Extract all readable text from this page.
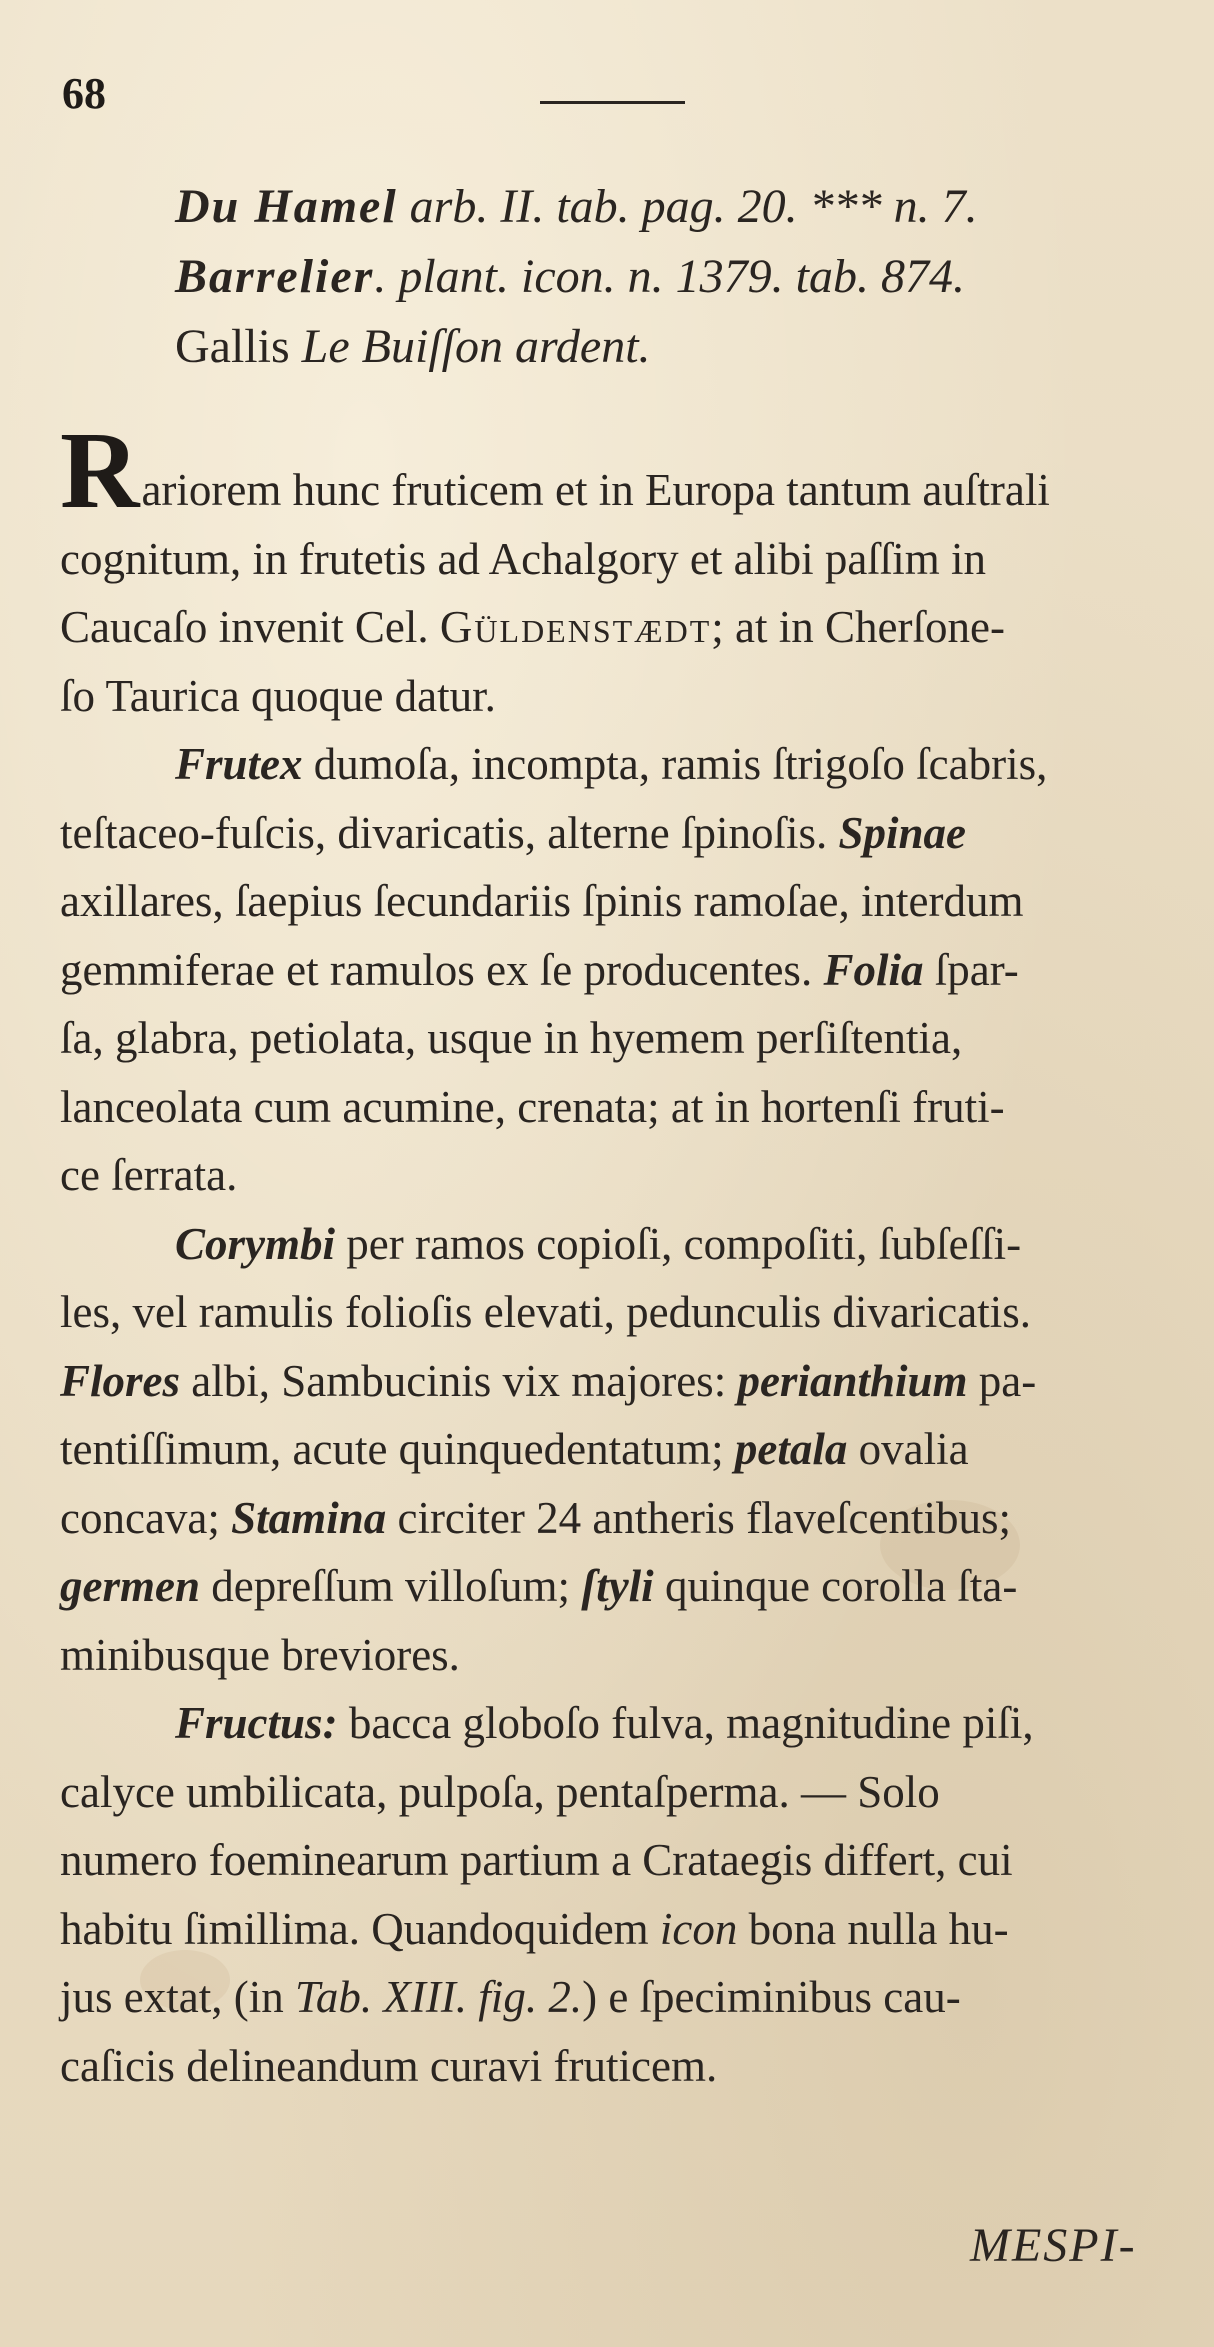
68
Du Hamel arb. II. tab. pag. 20. *** n. 7.
Barrelier. plant. icon. n. 1379. tab. 874.
Gallis Le Buiſſon ardent.
Rariorem hunc fruticem et in Europa tantum auſtrali
cognitum, in frutetis ad Achalgory et alibi paſſim in
Caucaſo invenit Cel. Güldenstædt; at in Cherſone-
ſo Taurica quoque datur.
Frutex dumoſa, incompta, ramis ſtrigoſo ſcabris,
teſtaceo-fuſcis, divaricatis, alterne ſpinoſis. Spinae
axillares, ſaepius ſecundariis ſpinis ramoſae, interdum
gemmiferae et ramulos ex ſe producentes. Folia ſpar-
ſa, glabra, petiolata, usque in hyemem perſiſtentia,
lanceolata cum acumine, crenata; at in hortenſi fruti-
ce ſerrata.
Corymbi per ramos copioſi, compoſiti, ſubſeſſi-
les, vel ramulis folioſis elevati, pedunculis divaricatis.
Flores albi, Sambucinis vix majores: perianthium pa-
tentiſſimum, acute quinquedentatum; petala ovalia
concava; Stamina circiter 24 antheris flaveſcentibus;
germen depreſſum villoſum; ſtyli quinque corolla ſta-
minibusque breviores.
Fructus: bacca globoſo fulva, magnitudine piſi,
calyce umbilicata, pulpoſa, pentaſperma. — Solo
numero foeminearum partium a Crataegis differt, cui
habitu ſimillima. Quandoquidem icon bona nulla hu-
jus extat, (in Tab. XIII. fig. 2.) e ſpeciminibus cau-
caſicis delineandum curavi fruticem.
MESPI-
